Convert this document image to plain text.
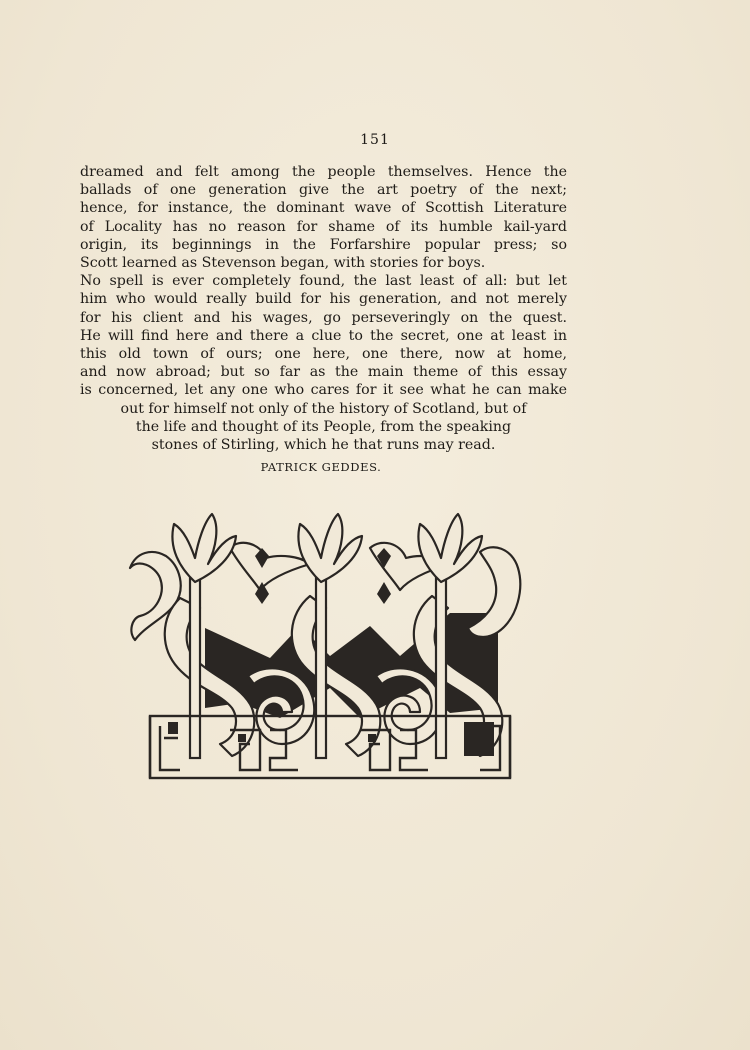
151
dreamed and felt among the people themselves. Hence the
ballads of one generation give the art poetry of the next;
hence, for instance, the dominant wave of Scottish Literature
of Locality has no reason for shame of its humble kail-yard
origin, its beginnings in the Forfarshire popular press; so
Scott learned as Stevenson began, with stories for boys.
No spell is ever completely found, the last least of all: but let
him who would really build for his generation, and not merely
for his client and his wages, go perseveringly on the quest.
He will find here and there a clue to the secret, one at least in
this old town of ours; one here, one there, now at home,
and now abroad; but so far as the main theme of this essay
is concerned, let any one who cares for it see what he can make
out for himself not only of the history of Scotland, but of
the life and thought of its People, from the speaking
stones of Stirling, which he that runs may read.
PATRICK GEDDES.
